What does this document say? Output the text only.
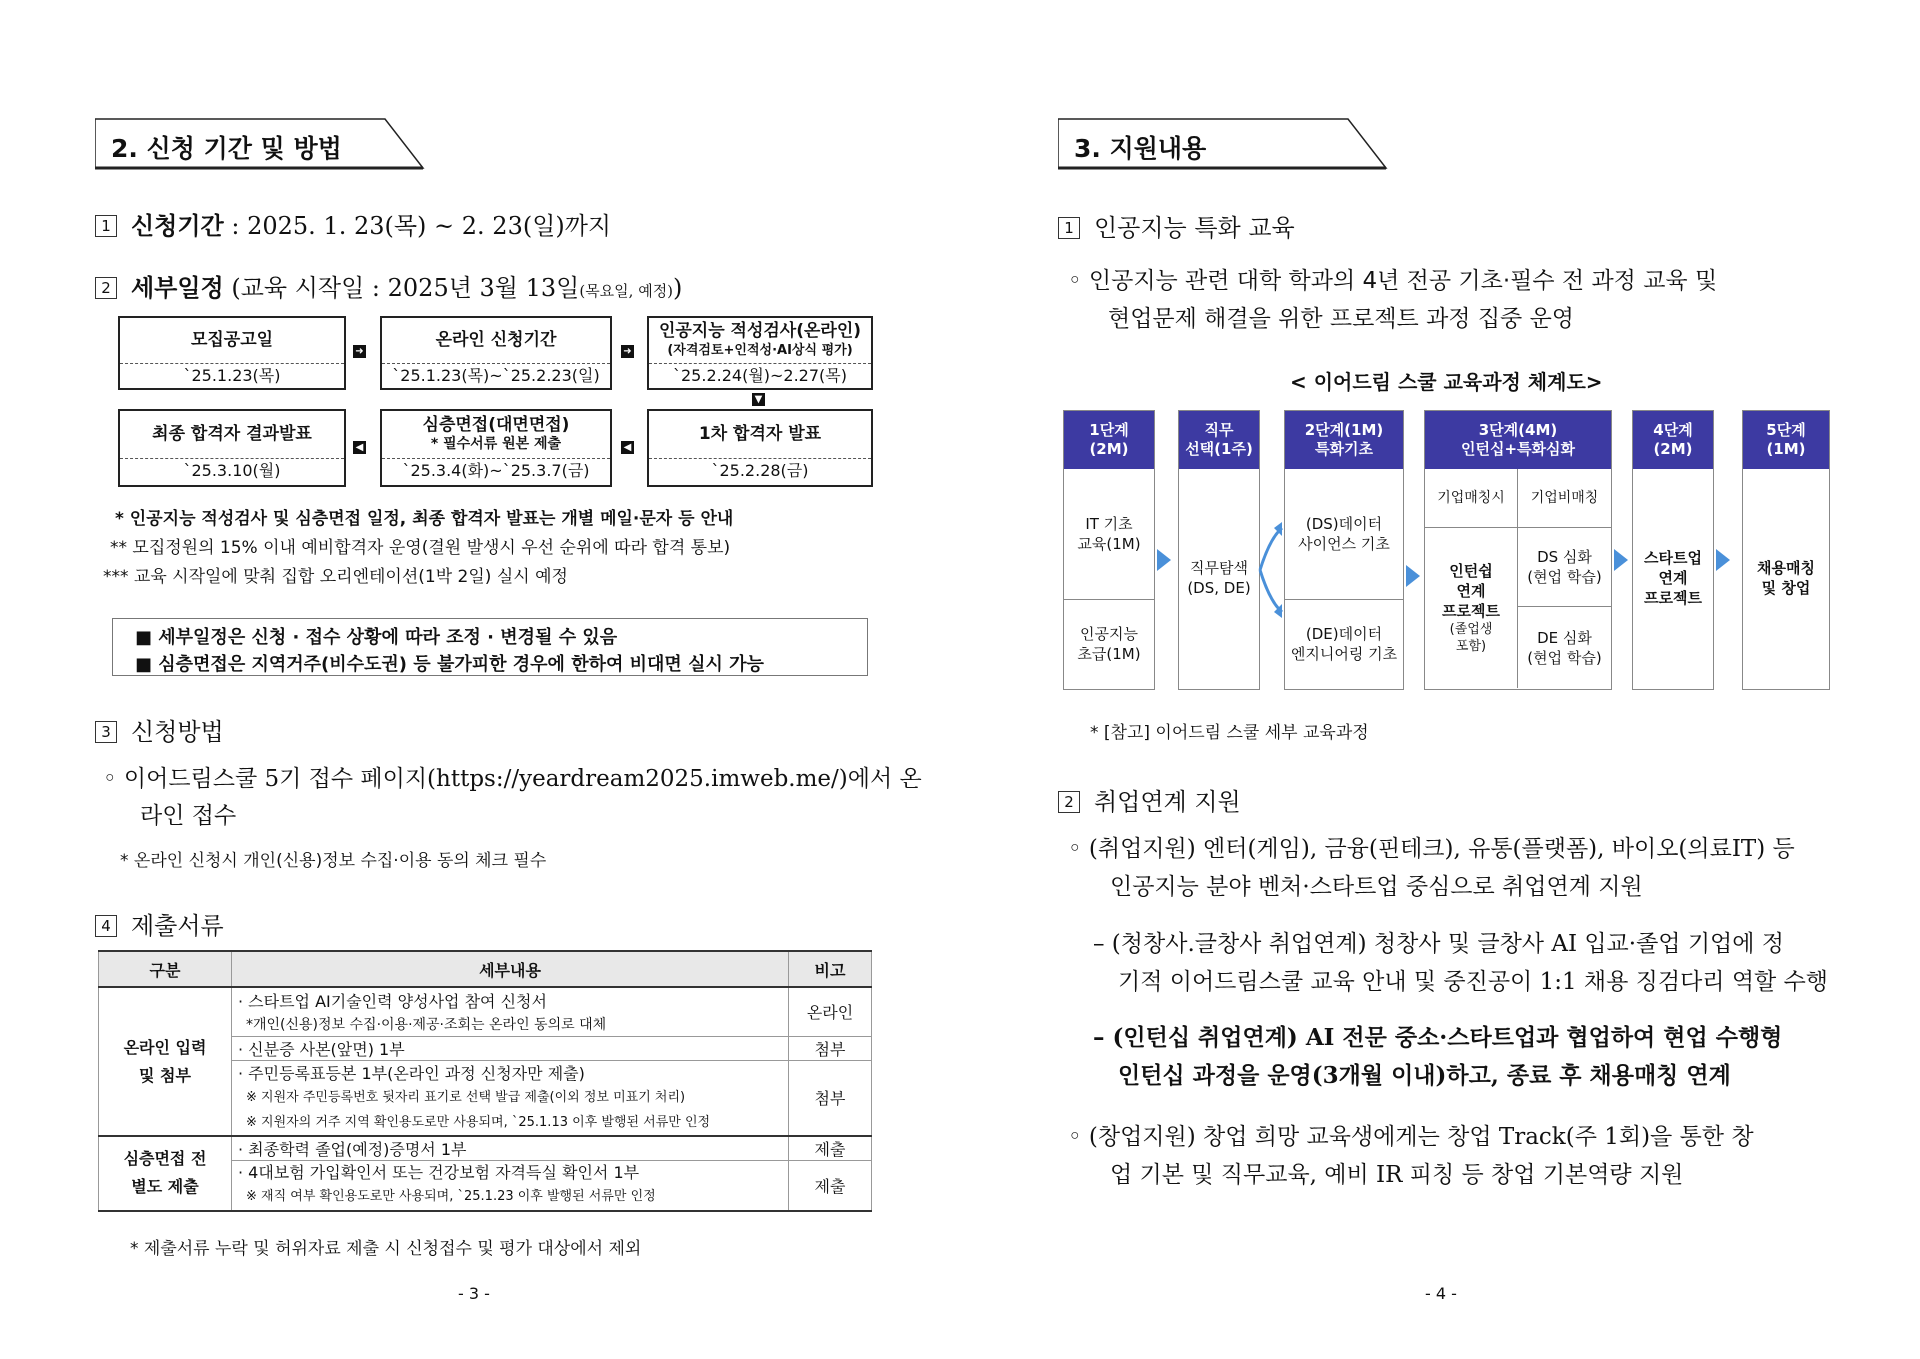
2. 신청 기간 및 방법
1 신청기간 : 2025. 1. 23(목) ~ 2. 23(일)까지
2 세부일정 (교육 시작일 : 2025년 3월 13일(목요일, 예정))
모집공고일
`25.1.23(목)
온라인 신청기간
`25.1.23(목)~`25.2.23(일)
인공지능 적성검사(온라인)
(자격검토+인적성·AI상식 평가)
`25.2.24(월)~2.27(목)
최종 합격자 결과발표
`25.3.10(월)
심층면접(대면면접)
* 필수서류 원본 제출
`25.3.4(화)~`25.3.7(금)
1차 합격자 발표
`25.2.28(금)
➜	➜
▼
◀	◀
* 인공지능 적성검사 및 심층면접 일정, 최종 합격자 발표는 개별 메일·문자 등 안내
** 모집정원의 15% 이내 예비합격자 운영(결원 발생시 우선 순위에 따라 합격 통보)
*** 교육 시작일에 맞춰 집합 오리엔테이션(1박 2일) 실시 예정
■ 세부일정은 신청 · 접수 상황에 따라 조정 · 변경될 수 있음
■ 심층면접은 지역거주(비수도권) 등 불가피한 경우에 한하여 비대면 실시 가능
3 신청방법
◦ 이어드림스쿨 5기 접수 페이지(https://yeardream2025.imweb.me/)에서 온
라인 접수
* 온라인 신청시 개인(신용)정보 수집·이용 동의 체크 필수
4 제출서류
구분	세부내용	비고
온라인 입력
및 첨부	· 스타트업 AI기술인력 양성사업 참여 신청서	온라인
	*개인(신용)정보 수집·이용·제공·조회는 온라인 동의로 대체	
	· 신분증 사본(앞면) 1부	첨부
	· 주민등록표등본 1부(온라인 과정 신청자만 제출)	첨부

	※ 지원자 주민등록번호 뒷자리 표기로 선택 발급 제출(이외 정보 미표기 처리)
※ 지원자의 거주 지역 확인용도로만 사용되며, `25.1.13 이후 발행된 서류만 인정	

심층면접 전
별도 제출	· 최종학력 졸업(예정)증명서 1부	제출

	· 4대보험 가입확인서 또는 건강보험 자격득실 확인서 1부
※ 재직 여부 확인용도로만 사용되며, `25.1.23 이후 발행된 서류만 인정	제출
* 제출서류 누락 및 허위자료 제출 시 신청접수 및 평가 대상에서 제외
- 3 -
3. 지원내용
1 인공지능 특화 교육
◦ 인공지능 관련 대학 학과의 4년 전공 기초·필수 전 과정 교육 및
현업문제 해결을 위한 프로젝트 과정 집중 운영
< 이어드림 스쿨 교육과정 체계도>
1단계
(2M)
IT 기초
교육(1M)
인공지능
초급(1M)
직무
선택(1주)
직무탐색
(DS, DE)
2단계(1M)
특화기초
(DS)데이터
사이언스 기초
(DE)데이터
엔지니어링 기초
3단계(4M)
인턴십+특화심화
기업매칭시	기업비매칭
인턴쉽
연계
프로젝트
(졸업생
포함)
DS 심화
(현업 학습)
DE 심화
(현업 학습)
4단계
(2M)
스타트업
연계
프로젝트
5단계
(1M)
채용매칭
및 창업
* [참고] 이어드림 스쿨 세부 교육과정
2 취업연계 지원
◦ (취업지원) 엔터(게임), 금융(핀테크), 유통(플랫폼), 바이오(의료IT) 등
인공지능 분야 벤처·스타트업 중심으로 취업연계 지원
– (청창사.글창사 취업연계) 청창사 및 글창사 AI 입교·졸업 기업에 정
기적 이어드림스쿨 교육 안내 및 중진공이 1:1 채용 징검다리 역할 수행
– (인턴십 취업연계) AI 전문 중소·스타트업과 협업하여 현업 수행형
인턴십 과정을 운영(3개월 이내)하고, 종료 후 채용매칭 연계
◦ (창업지원) 창업 희망 교육생에게는 창업 Track(주 1회)을 통한 창
업 기본 및 직무교육, 예비 IR 피칭 등 창업 기본역량 지원
- 4 -
